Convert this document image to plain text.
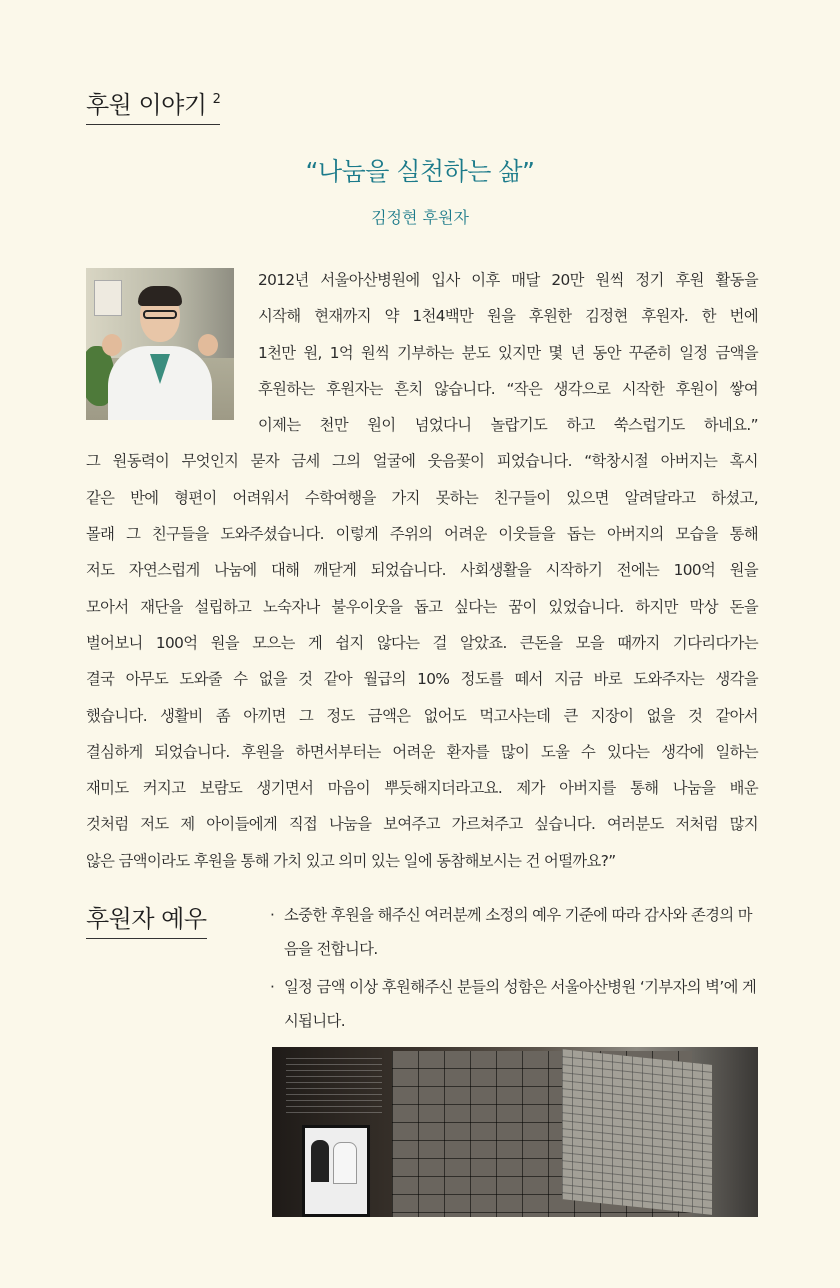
후원 이야기 $^2$
“나눔을 실천하는 삶”
김정현 후원자

2012년 서울아산병원에 입사 이후 매달 20만 원씩 정기 후원 활동을
시작해 현재까지 약 1천4백만 원을 후원한 김정현 후원자. 한 번에
1천만 원, 1억 원씩 기부하는 분도 있지만 몇 년 동안 꾸준히 일정 금액을
후원하는 후원자는 흔치 않습니다. “작은 생각으로 시작한 후원이 쌓여
이제는 천만 원이 넘었다니 놀랍기도 하고 쑥스럽기도 하네요.”
그 원동력이 무엇인지 묻자 금세 그의 얼굴에 웃음꽃이 피었습니다. “학창시절 아버지는 혹시
같은 반에 형편이 어려워서 수학여행을 가지 못하는 친구들이 있으면 알려달라고 하셨고,
몰래 그 친구들을 도와주셨습니다. 이렇게 주위의 어려운 이웃들을 돕는 아버지의 모습을 통해
저도 자연스럽게 나눔에 대해 깨닫게 되었습니다. 사회생활을 시작하기 전에는 100억 원을
모아서 재단을 설립하고 노숙자나 불우이웃을 돕고 싶다는 꿈이 있었습니다. 하지만 막상 돈을
벌어보니 100억 원을 모으는 게 쉽지 않다는 걸 알았죠. 큰돈을 모을 때까지 기다리다가는
결국 아무도 도와줄 수 없을 것 같아 월급의 10% 정도를 떼서 지금 바로 도와주자는 생각을
했습니다. 생활비 좀 아끼면 그 정도 금액은 없어도 먹고사는데 큰 지장이 없을 것 같아서
결심하게 되었습니다. 후원을 하면서부터는 어려운 환자를 많이 도울 수 있다는 생각에 일하는
재미도 커지고 보람도 생기면서 마음이 뿌듯해지더라고요. 제가 아버지를 통해 나눔을 배운
것처럼 저도 제 아이들에게 직접 나눔을 보여주고 가르쳐주고 싶습니다. 여러분도 저처럼 많지
않은 금액이라도 후원을 통해 가치 있고 의미 있는 일에 동참해보시는 건 어떨까요?”

후원자 예우
·	소중한 후원을 해주신 여러분께 소정의 예우 기준에 따라 감사와 존경의 마음을 전합니다.
· 일정 금액 이상 후원해주신 분들의 성함은 서울아산병원 ‘기부자의 벽’에 게시됩니다.
